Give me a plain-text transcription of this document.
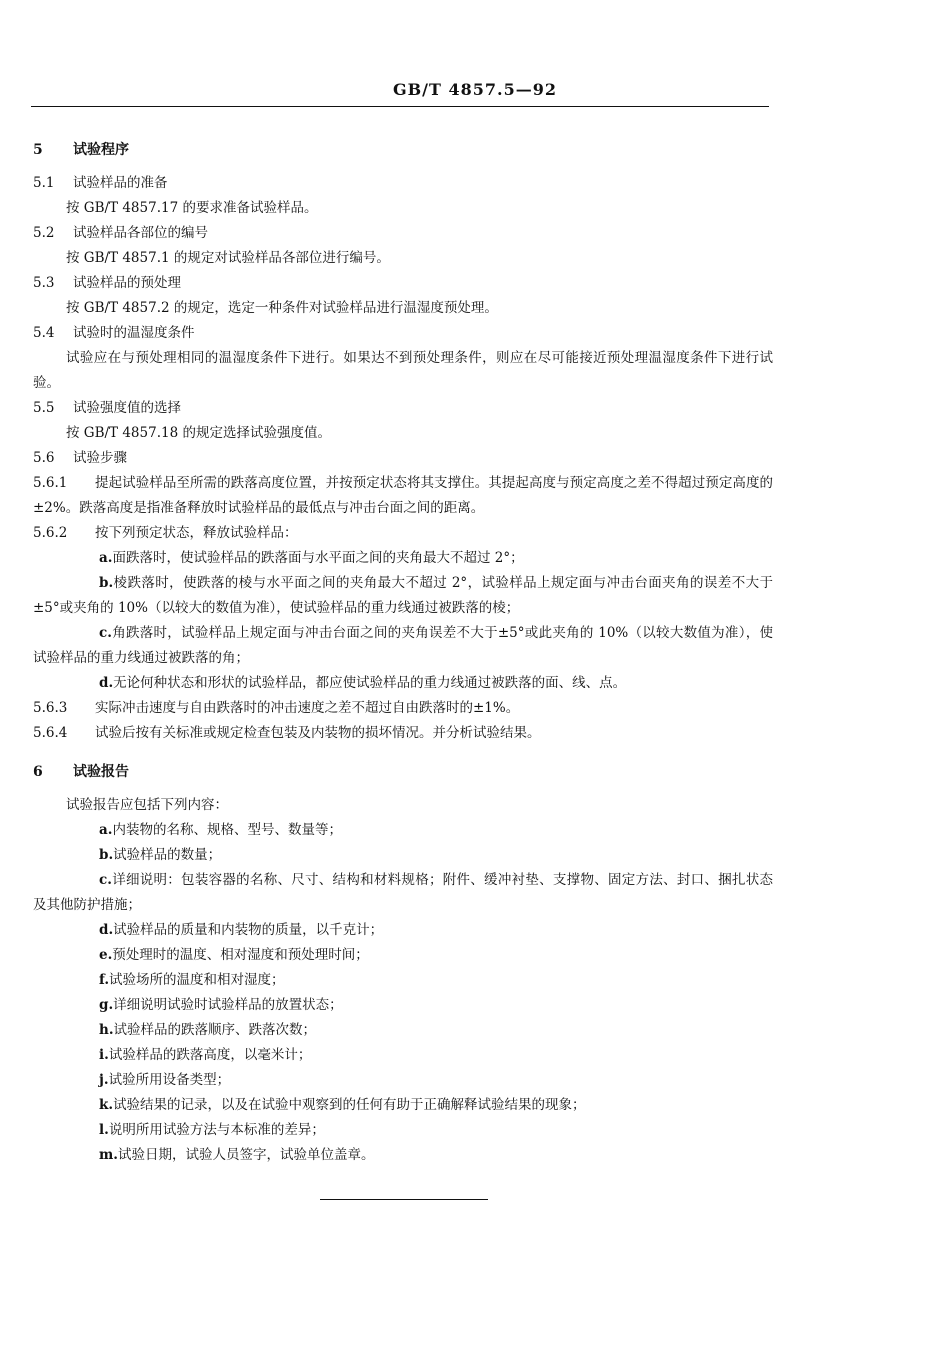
GB/T 4857.5—92
5 试验程序
5.1 试验样品的准备

按 GB/T 4857.17 的要求准备试验样品。

5.2 试验样品各部位的编号

按 GB/T 4857.1 的规定对试验样品各部位进行编号。

5.3 试验样品的预处理

按 GB/T 4857.2 的规定，选定一种条件对试验样品进行温湿度预处理。

5.4 试验时的温湿度条件

试验应在与预处理相同的温湿度条件下进行。如果达不到预处理条件，则应在尽可能接近预处理温湿度条件下进行试验。

5.5 试验强度值的选择

按 GB/T 4857.18 的规定选择试验强度值。

5.6 试验步骤

5.6.1 提起试验样品至所需的跌落高度位置，并按预定状态将其支撑住。其提起高度与预定高度之差不得超过预定高度的±2%。跌落高度是指准备释放时试验样品的最低点与冲击台面之间的距离。

5.6.2 按下列预定状态，释放试验样品：

a.面跌落时，使试验样品的跌落面与水平面之间的夹角最大不超过 2°；

b.棱跌落时，使跌落的棱与水平面之间的夹角最大不超过 2°，试验样品上规定面与冲击台面夹角的误差不大于±5°或夹角的 10%（以较大的数值为准），使试验样品的重力线通过被跌落的棱；

c.角跌落时，试验样品上规定面与冲击台面之间的夹角误差不大于±5°或此夹角的 10%（以较大数值为准），使试验样品的重力线通过被跌落的角；

d.无论何种状态和形状的试验样品，都应使试验样品的重力线通过被跌落的面、线、点。

5.6.3 实际冲击速度与自由跌落时的冲击速度之差不超过自由跌落时的±1%。

5.6.4 试验后按有关标准或规定检查包装及内装物的损坏情况。并分析试验结果。

6 试验报告

试验报告应包括下列内容：

a.内装物的名称、规格、型号、数量等；

b.试验样品的数量；

c.详细说明：包装容器的名称、尺寸、结构和材料规格；附件、缓冲衬垫、支撑物、固定方法、封口、捆扎状态及其他防护措施；

d.试验样品的质量和内装物的质量，以千克计；

e.预处理时的温度、相对湿度和预处理时间；

f.试验场所的温度和相对湿度；

g.详细说明试验时试验样品的放置状态；

h.试验样品的跌落顺序、跌落次数；

i.试验样品的跌落高度，以毫米计；

j.试验所用设备类型；

k.试验结果的记录，以及在试验中观察到的任何有助于正确解释试验结果的现象；

l.说明所用试验方法与本标准的差异；

m.试验日期，试验人员签字，试验单位盖章。
